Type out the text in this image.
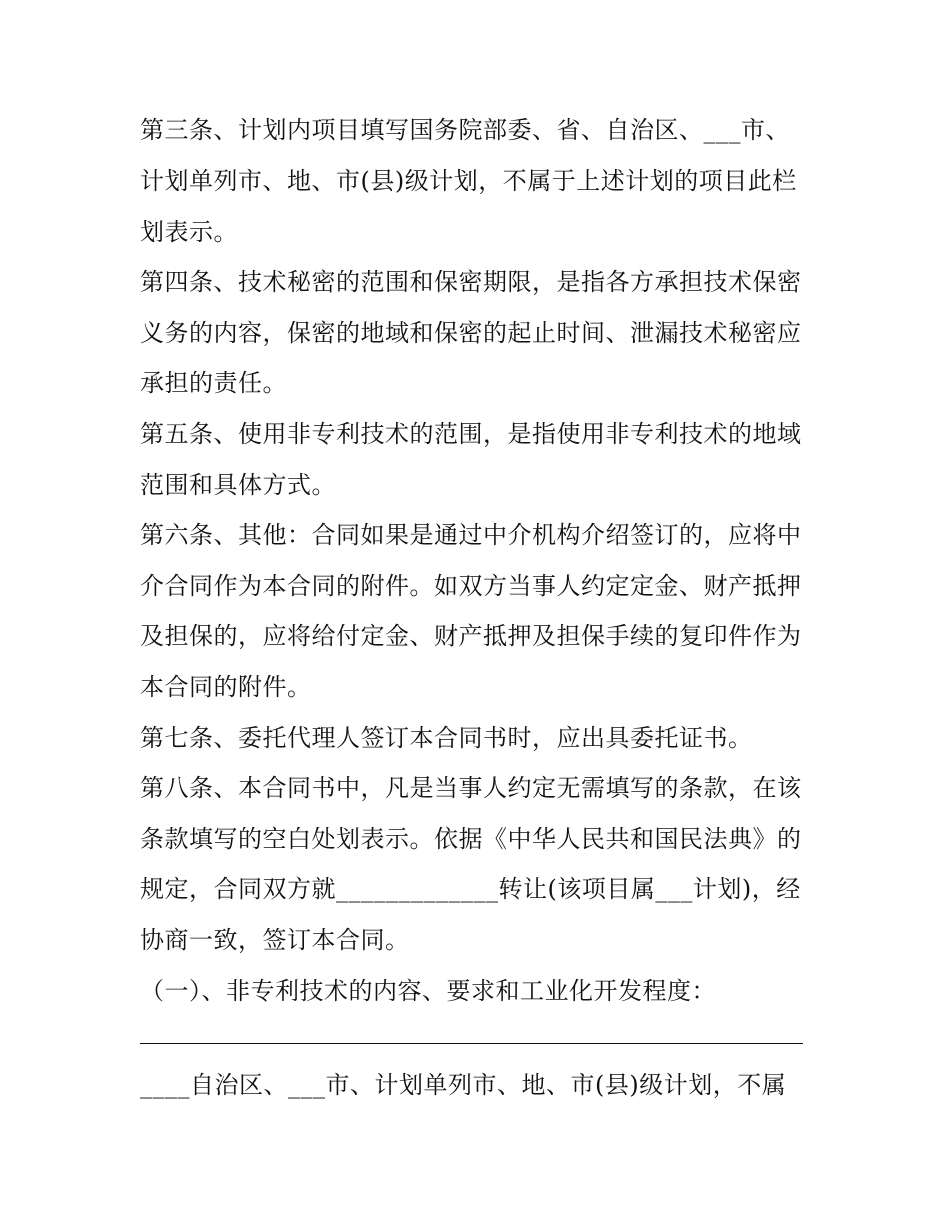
第三条、计划内项目填写国务院部委、省、自治区、___市、
计划单列市、地、市(县)级计划，不属于上述计划的项目此栏
划表示。
第四条、技术秘密的范围和保密期限，是指各方承担技术保密
义务的内容，保密的地域和保密的起止时间、泄漏技术秘密应
承担的责任。
第五条、使用非专利技术的范围，是指使用非专利技术的地域
范围和具体方式。
第六条、其他：合同如果是通过中介机构介绍签订的，应将中
介合同作为本合同的附件。如双方当事人约定定金、财产抵押
及担保的，应将给付定金、财产抵押及担保手续的复印件作为
本合同的附件。
第七条、委托代理人签订本合同书时，应出具委托证书。
第八条、本合同书中，凡是当事人约定无需填写的条款，在该
条款填写的空白处划表示。依据《中华人民共和国民法典》的
规定，合同双方就_____________转让(该项目属___计划)，经
协商一致，签订本合同。
（一）、非专利技术的内容、要求和工业化开发程度：
____自治区、___市、计划单列市、地、市(县)级计划，不属
